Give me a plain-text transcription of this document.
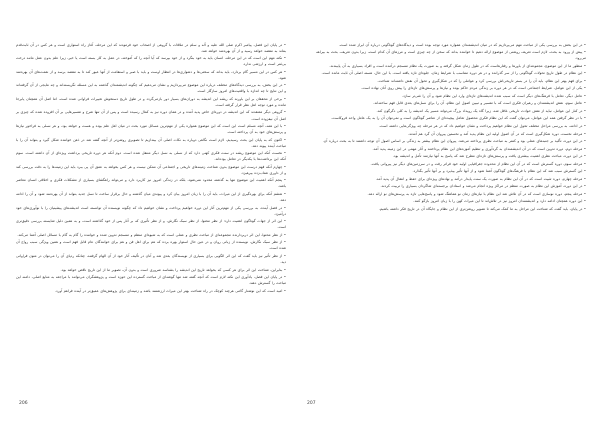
• در پایان این فصل، پیامبر اکرم صلی الله علیه و آله و سلم در ملاقات با گروهی از اصحاب خود فرمودند که این مرحله، آغاز راه استواری است و هر کس در آن ثابت‌قدم بماند به مقصد خواهد رسید و از آن بهره‌مند خواهد شد.

• نکته مهم این است که در این مرحله، انسان باید به خود بنگرد و از خود بپرسد که آیا آنچه را که آموخته، در عمل به کار بسته است یا خیر، زیرا علم بدون عمل مانند درخت بی‌ثمر است و ارزشی ندارد.

• هر کس در این مسیر گام بردارد، باید بداند که سختی‌ها و دشواری‌ها در انتظار اوست و باید با صبر و استقامت از آنها عبور کند تا به مقصد برسد و از نعمت‌های آن بهره‌مند شود.

• در این بخش، به بررسی دیدگاه‌های مختلف درباره این موضوع می‌پردازیم و نشان می‌دهیم که چگونه اندیشمندان گذشته به این مسئله نگریسته‌اند و چه نتایجی از آن گرفته‌اند و این نتایج تا چه اندازه با واقعیت‌های امروز سازگار است.

• برخی از محققان بر این باورند که ریشه این اندیشه به دوران‌های بسیار دور بازمی‌گردد و در طول تاریخ دستخوش تغییرات فراوانی شده است، اما اصل آن همچنان پابرجا مانده و مورد توجه اهل نظر قرار گرفته است.

• گروهی دیگر معتقدند که این اندیشه در دوره‌ای خاص پدید آمده و در همان دوره نیز به کمال رسیده است و پس از آن تنها شرح و تفسیرهایی بر آن افزوده شده که چیزی بر اصل آن نیفزوده است.

• با این همه، آنچه مسلم است این است که این موضوع همواره یکی از مهم‌ترین مسائل مورد بحث در میان اهل علم بوده و هست و خواهد بود، و هر نسلی به فراخور نیازها و پرسش‌های خود به آن پرداخته است.

• اکنون که به پایان این بحث رسیدیم، لازم است نگاهی دوباره به نکات اصلی آن بیندازیم تا تصویری روشن‌تر از آنچه گفته شد در ذهن خواننده شکل گیرد و بتواند آن را با مباحث آینده پیوند دهد.

• نخست آنکه این موضوع ریشه در سنت فکری کهنی دارد که از نسلی به نسل دیگر منتقل شده است. دوم آنکه هر دوره تاریخی برداشت ویژه‌ای از آن داشته است. سوم آنکه این برداشت‌ها با یکدیگر در تعامل بوده‌اند.

• چهارم آنکه فهم درست این موضوع بدون شناخت زمینه‌های تاریخی و اجتماعی آن ممکن نیست و هر کس بخواهد به عمق آن پی ببرد باید این زمینه‌ها را به دقت بررسی کند و از داوری شتاب‌زده بپرهیزد.

• پنجم آنکه اهمیت این موضوع تنها به گذشته محدود نمی‌شود، بلکه در زندگی امروز نیز کاربرد دارد و می‌تواند راهگشای بسیاری از مشکلات فکری و اخلاقی انسان معاصر باشد.

• ششم آنکه برای بهره‌گیری از این میراث، باید آن را با زبان امروز بیان کرد و پیوندی میان گذشته و حال برقرار ساخت تا نسل جدید بتواند از آن بهره‌مند شود و آن را ادامه دهد.

• در فصل آینده، به بررسی یکی از مهم‌ترین آثار این دوره خواهیم پرداخت و نشان خواهیم داد که چگونه نویسنده آن توانسته است اندیشه‌های پیشینیان را با نوآوری‌های خود درآمیزد.

• این اثر از جهات گوناگون اهمیت دارد: از نظر محتوا، از نظر سبک نگارش، و از نظر تأثیری که بر آثار پس از خود گذاشته است، و به همین دلیل شایسته بررسی دقیق‌تری است.

• از نظر محتوا، این اثر دربردارنده مجموعه‌ای از مباحث نظری و عملی است که به شیوه‌ای منظم و منسجم تدوین شده و خواننده را گام به گام با مسائل اصلی آشنا می‌کند.

• از نظر سبک نگارش، نویسنده از زبانی روان و در عین حال استوار بهره برده که هم برای اهل فن و هم برای خوانندگان عام قابل فهم است و همین ویژگی سبب رواج آن شده است.

• از نظر تأثیر نیز باید گفت که این اثر الگویی برای بسیاری از نویسندگان بعدی شد و آنان در تألیف آثار خود از آن الهام گرفتند، چنانکه ردپای آن را می‌توان در متون فراوانی دید.

• بنابراین، شناخت این اثر برای هر کسی که بخواهد تاریخ این اندیشه را بشناسد ضروری است و بدون آن، تصویر ما از این تاریخ ناقص خواهد بود.

• در پایان این فصل، یادآوری این نکته لازم است که آنچه گفته شد تنها گوشه‌ای از مباحث گسترده این حوزه است و پژوهشگران می‌توانند با مراجعه به منابع اصلی، دامنه این مباحث را گسترش دهند.

• امید است که این نوشتار گامی هرچند کوچک در راه شناخت بهتر این میراث ارزشمند باشد و زمینه‌ای برای پژوهش‌های عمیق‌تر در آینده فراهم آورد.

206

• در این بخش به بررسی یکی از مباحث مهم می‌پردازیم که در میان اندیشمندان همواره مورد توجه بوده است و دیدگاه‌های گوناگونی درباره آن ابراز شده است.

• پیش از ورود به بحث، لازم است تعریف روشنی از موضوع ارائه دهیم تا خواننده بداند که سخن از چه چیزی است و مرزهای آن کدام است، زیرا بدون تعریف، بحث به بیراهه می‌رود.

• منظور ما از این موضوع، مجموعه‌ای از باورها و رفتارهاست که در طول زمان شکل گرفته و به صورت یک نظام منسجم درآمده است و افراد بسیاری به آن پایبندند.

• این نظام در طول تاریخ تحولات گوناگونی را از سر گذرانده و در هر دوره متناسب با شرایط زمان، جلوه‌ای تازه یافته است. با این حال، هسته اصلی آن ثابت مانده است.

• برای فهم بهتر این نظام، باید آن را در بستر تاریخی‌اش بررسی کرد و عواملی را که در شکل‌گیری و تحول آن نقش داشته‌اند شناخت.

• یکی از این عوامل، شرایط اجتماعی است که در هر دوره بر زندگی مردم حاکم بوده و نیازها و پرسش‌های تازه‌ای را پیش روی آنان نهاده است.

• عامل دیگر، تعامل با فرهنگ‌های دیگر است که سبب شده اندیشه‌های تازه‌ای وارد این نظام شود و آن را غنی‌تر سازد.

• عامل سوم، نقش اندیشمندان و رهبران فکری است که با تفسیر و تبیین اصول این نظام، آن را برای نسل‌های بعدی قابل فهم ساخته‌اند.

• در کنار این عوامل، نباید از نقش حوادث تاریخی غافل شد، زیرا گاه یک رویداد بزرگ می‌تواند مسیر یک اندیشه را به کلی دگرگون کند.

• با در نظر گرفتن همه این عوامل، می‌توان گفت که این نظام فکری محصول تعامل پیچیده‌ای از عناصر گوناگون است و نمی‌توان آن را به یک عامل واحد فروکاست.

• در ادامه، به بررسی مراحل مختلف تحول این نظام خواهیم پرداخت و نشان خواهیم داد که در هر مرحله چه ویژگی‌هایی داشته است.

• مرحله نخست، دوره شکل‌گیری است که در آن اصول اولیه این نظام پدید آمد و نخستین پیروان آن گرد هم آمدند.

• در این دوره، تأکید بر جنبه‌های عملی بود و کمتر به مباحث نظری پرداخته می‌شد. پیروان این نظام بیشتر به زندگی بر اساس اصول آن توجه داشتند تا به بحث درباره آن.

• مرحله دوم، دوره تدوین است که در آن اندیشمندان به گردآوری و تنظیم آموزه‌های این نظام پرداختند و آثار مهمی در این زمینه پدید آمد.

• در این دوره، مباحث نظری اهمیت بیشتری یافت و پرسش‌های تازه‌ای مطرح شد که پاسخ به آنها نیازمند تأمل و اندیشه بود.

• مرحله سوم، دوره گسترش است که در آن این نظام از محدوده جغرافیایی اولیه خود فراتر رفت و در سرزمین‌های دیگر نیز پیروانی یافت.

• این گسترش سبب شد که این نظام با فرهنگ‌های گوناگون آشنا شود و از آنها تأثیر بپذیرد و بر آنها تأثیر بگذارد.

• مرحله چهارم، دوره تثبیت است که در آن این نظام به صورت یک سنت پایدار درآمد و نهادهای ویژه‌ای برای حفظ و انتقال آن پدید آمد.

• در این دوره، آموزش این نظام به صورت منظم در مراکز ویژه انجام می‌شد و استادان برجسته‌ای شاگردان بسیاری را تربیت کردند.

• مرحله پنجم، دوره نوسازی است که در آن تلاش شد این نظام با نیازهای زمان نو هماهنگ شود و پاسخ‌هایی تازه به پرسش‌های نو ارائه دهد.

• این دوره همچنان ادامه دارد و اندیشمندان امروز نیز در تلاش‌اند تا این میراث کهن را با زبان امروز بازگو کنند.

• در پایان، باید گفت که شناخت این مراحل به ما کمک می‌کند تا تصویر روشن‌تری از این نظام و جایگاه آن در تاریخ فکر داشته باشیم.

207
